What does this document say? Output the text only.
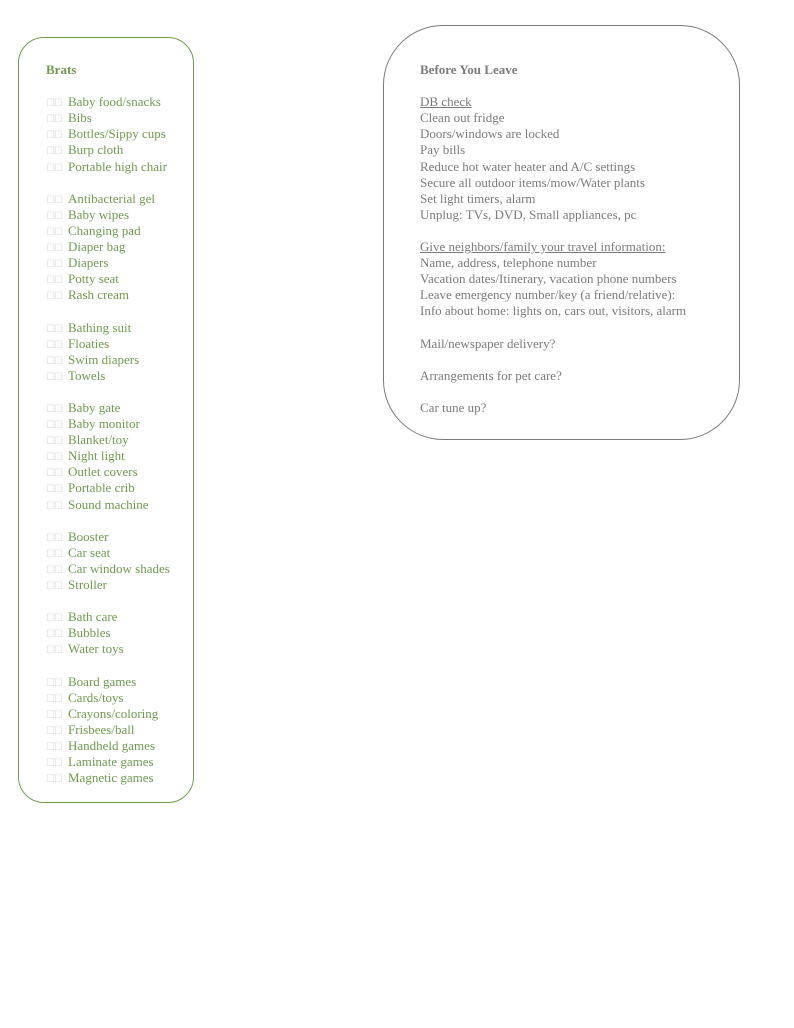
Brats
☐☐ Baby food/snacks
☐☐ Bibs
☐☐ Bottles/Sippy cups
☐☐ Burp cloth
☐☐ Portable high chair
☐☐ Antibacterial gel
☐☐ Baby wipes
☐☐ Changing pad
☐☐ Diaper bag
☐☐ Diapers
☐☐ Potty seat
☐☐ Rash cream
☐☐ Bathing suit
☐☐ Floaties
☐☐ Swim diapers
☐☐ Towels
☐☐ Baby gate
☐☐ Baby monitor
☐☐ Blanket/toy
☐☐ Night light
☐☐ Outlet covers
☐☐ Portable crib
☐☐ Sound machine
☐☐ Booster
☐☐ Car seat
☐☐ Car window shades
☐☐ Stroller
☐☐ Bath care
☐☐ Bubbles
☐☐ Water toys
☐☐ Board games
☐☐ Cards/toys
☐☐ Crayons/coloring
☐☐ Frisbees/ball
☐☐ Handheld games
☐☐ Laminate games
☐☐ Magnetic games
Before You Leave
DB check
Clean out fridge
Doors/windows are locked
Pay bills
Reduce hot water heater and A/C settings
Secure all outdoor items/mow/Water plants
Set light timers, alarm
Unplug: TVs, DVD, Small appliances, pc
Give neighbors/family your travel information:
Name, address, telephone number
Vacation dates/Itinerary, vacation phone numbers
Leave emergency number/key (a friend/relative):
Info about home: lights on, cars out, visitors, alarm
Mail/newspaper delivery?
Arrangements for pet care?
Car tune up?
